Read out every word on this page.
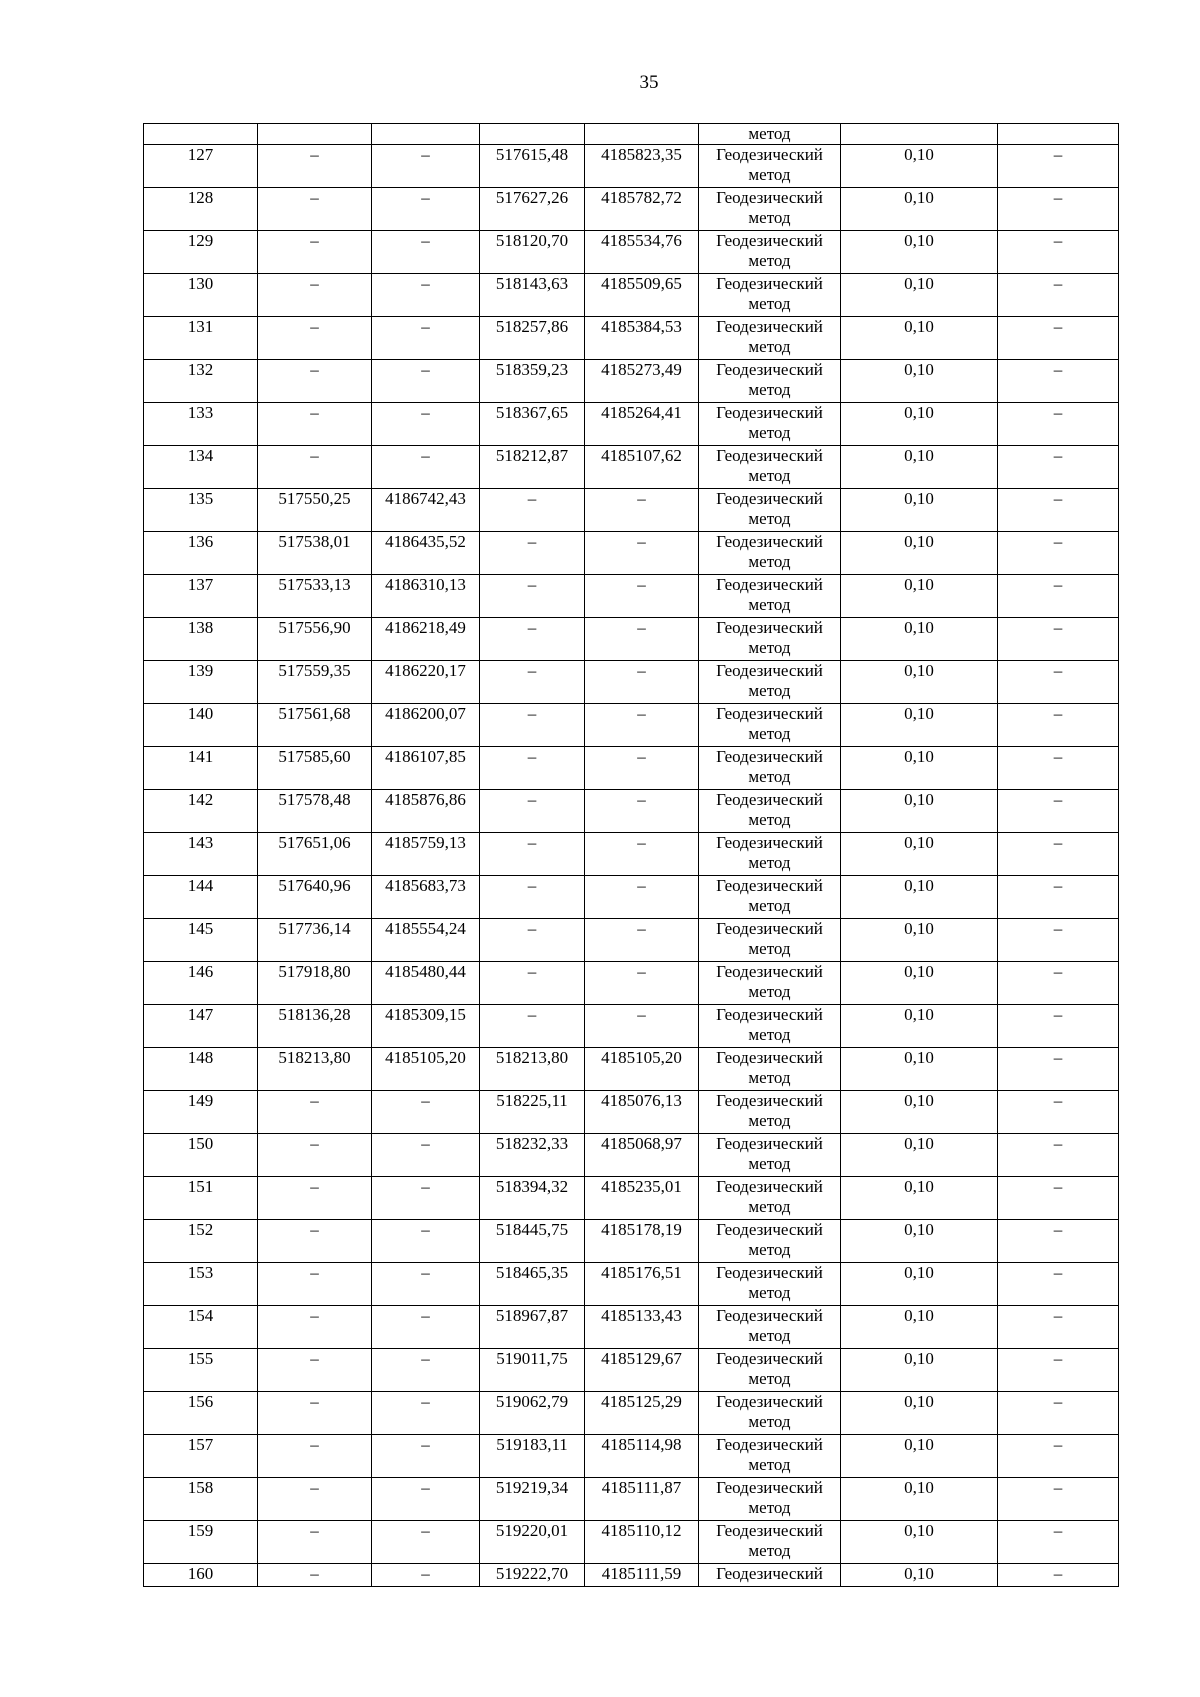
35
					метод		
127	–	–	517615,48	4185823,35	Геодезический метод	0,10	–
128	–	–	517627,26	4185782,72	Геодезический метод	0,10	–
129	–	–	518120,70	4185534,76	Геодезический метод	0,10	–
130	–	–	518143,63	4185509,65	Геодезический метод	0,10	–
131	–	–	518257,86	4185384,53	Геодезический метод	0,10	–
132	–	–	518359,23	4185273,49	Геодезический метод	0,10	–
133	–	–	518367,65	4185264,41	Геодезический метод	0,10	–
134	–	–	518212,87	4185107,62	Геодезический метод	0,10	–
135	517550,25	4186742,43	–	–	Геодезический метод	0,10	–
136	517538,01	4186435,52	–	–	Геодезический метод	0,10	–
137	517533,13	4186310,13	–	–	Геодезический метод	0,10	–
138	517556,90	4186218,49	–	–	Геодезический метод	0,10	–
139	517559,35	4186220,17	–	–	Геодезический метод	0,10	–
140	517561,68	4186200,07	–	–	Геодезический метод	0,10	–
141	517585,60	4186107,85	–	–	Геодезический метод	0,10	–
142	517578,48	4185876,86	–	–	Геодезический метод	0,10	–
143	517651,06	4185759,13	–	–	Геодезический метод	0,10	–
144	517640,96	4185683,73	–	–	Геодезический метод	0,10	–
145	517736,14	4185554,24	–	–	Геодезический метод	0,10	–
146	517918,80	4185480,44	–	–	Геодезический метод	0,10	–
147	518136,28	4185309,15	–	–	Геодезический метод	0,10	–
148	518213,80	4185105,20	518213,80	4185105,20	Геодезический метод	0,10	–
149	–	–	518225,11	4185076,13	Геодезический метод	0,10	–
150	–	–	518232,33	4185068,97	Геодезический метод	0,10	–
151	–	–	518394,32	4185235,01	Геодезический метод	0,10	–
152	–	–	518445,75	4185178,19	Геодезический метод	0,10	–
153	–	–	518465,35	4185176,51	Геодезический метод	0,10	–
154	–	–	518967,87	4185133,43	Геодезический метод	0,10	–
155	–	–	519011,75	4185129,67	Геодезический метод	0,10	–
156	–	–	519062,79	4185125,29	Геодезический метод	0,10	–
157	–	–	519183,11	4185114,98	Геодезический метод	0,10	–
158	–	–	519219,34	4185111,87	Геодезический метод	0,10	–
159	–	–	519220,01	4185110,12	Геодезический метод	0,10	–
160	–	–	519222,70	4185111,59	Геодезический	0,10	–
